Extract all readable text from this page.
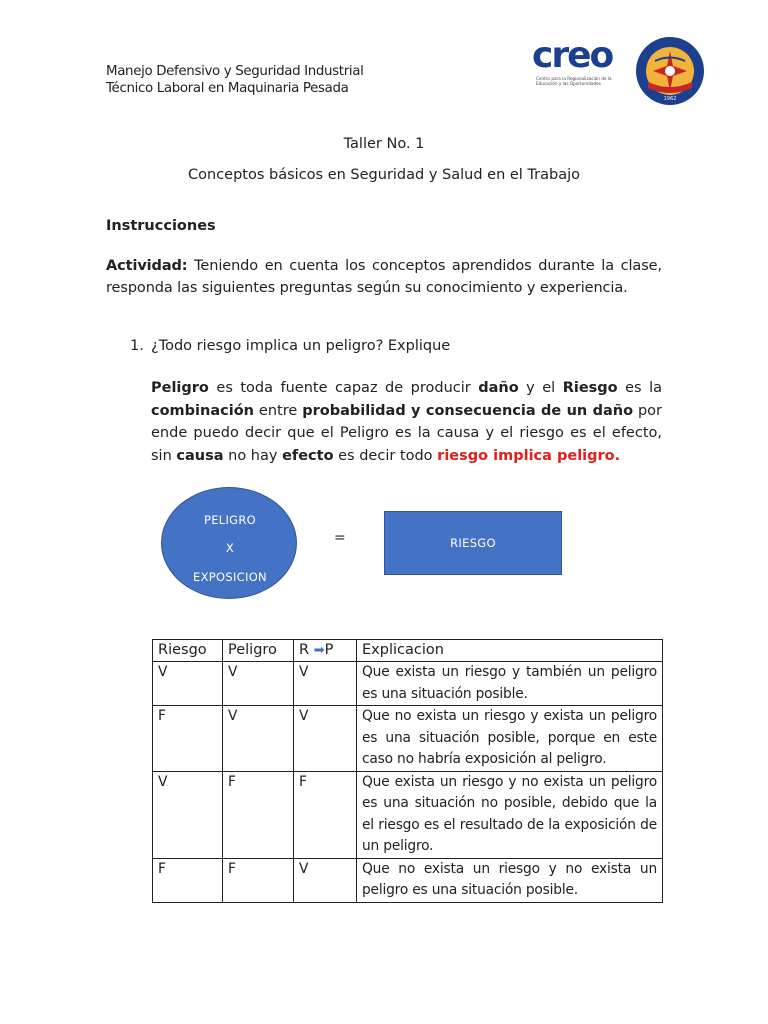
Manejo Defensivo y Seguridad Industrial
Técnico Laboral en Maquinaria Pesada
creo
Centro para la Regionalización de la Educación y las Oportunidades
1962
Taller No. 1
Conceptos básicos en Seguridad y Salud en el Trabajo
Instrucciones
Actividad: Teniendo en cuenta los conceptos aprendidos durante la clase, responda las siguientes preguntas según su conocimiento y experiencia.
1. ¿Todo riesgo implica un peligro? Explique
Peligro es toda fuente capaz de producir daño y el Riesgo es la combinación entre probabilidad y consecuencia de un daño por ende puedo decir que el Peligro es la causa y el riesgo es el efecto, sin causa no hay efecto es decir todo riesgo implica peligro.
PELIGRO
X
EXPOSICION
=	RIESGO
Riesgo	Peligro	R ➡P	Explicacion
V	V	V	Que exista un riesgo y también un peligro es una situación posible.
F	V	V	Que no exista un riesgo y exista un peligro es una situación posible, porque en este caso no habría exposición al peligro.
V	F	F	Que exista un riesgo y no exista un peligro es una situación no posible, debido que la el riesgo es el resultado de la exposición de un peligro.
F	F	V	Que no exista un riesgo y no exista un peligro es una situación posible.
